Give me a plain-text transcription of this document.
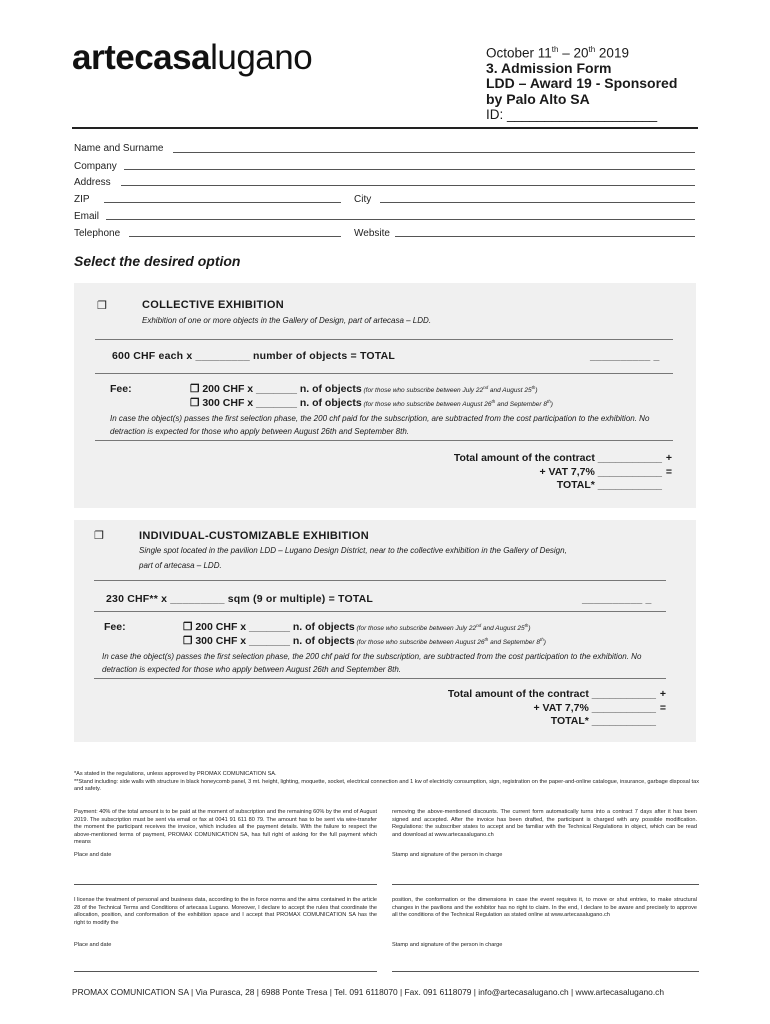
artecasalugano	October 11th – 20th 2019
3. Admission Form
LDD – Award 19 - Sponsored
by Palo Alto SA
ID: ____________________
Name and Surname
Company
Address
ZIP	City
Email
Telephone	Website
Select the desired option
❐	COLLECTIVE EXHIBITION
Exhibition of one or more objects in the Gallery of Design, part of artecasa – LDD.
600 CHF each x _________ number of objects = TOTAL	__________ _
Fee:	❐ 200 CHF x _______ n. of objects (for those who subscribe between July 22nd and August 25th)
❐ 300 CHF x _______ n. of objects (for those who subscribe between August 26th and September 8th)
In case the object(s) passes the first selection phase, the 200 chf paid for the subscription, are subtracted from the cost participation to the exhibition. No detraction is expected for those who apply between August 26th and September 8th.
Total amount of the contract ___________ +
+ VAT 7,7% ___________ =
TOTAL* ___________
❐	INDIVIDUAL-CUSTOMIZABLE EXHIBITION
Single spot located in the pavilion LDD – Lugano Design District, near to the collective exhibition in the Gallery of Design,
part of artecasa – LDD.
230 CHF** x _________ sqm (9 or multiple) = TOTAL	__________ _
Fee:	❐ 200 CHF x _______ n. of objects (for those who subscribe between July 22nd and August 25th)
❐ 300 CHF x _______ n. of objects (for those who subscribe between August 26th and September 8th)
In case the object(s) passes the first selection phase, the 200 chf paid for the subscription, are subtracted from the cost participation to the exhibition. No detraction is expected for those who apply between August 26th and September 8th.
Total amount of the contract ___________ +
+ VAT 7,7% ___________ =
TOTAL* ___________
*As stated in the regulations, unless approved by PROMAX COMUNICATION SA.
**Stand including: side walls with structure in black honeycomb panel, 3 mt. height, lighting, moquette, socket, electrical connection and 1 kw of electricity consumption, sign, registration on the paper-and-online catalogue, insurance, garbage disposal tax and safety.
Payment: 40% of the total amount is to be paid at the moment of subscription and the remaining 60% by the end of August 2019. The subscription must be sent via email or fax at 0041 91 611 80 79. The amount has to be sent via wire-transfer the moment the participant receives the invoice, which includes all the payment details. With the failure to respect the above-mentioned terms of payment, PROMAX COMUNICATION SA, has full right of asking for the full payment which means
removing the above-mentioned discounts. The current form automatically turns into a contract 7 days after it has been signed and accepted. After the invoice has been drafted, the participant is charged with any possible modification. Regulations: the subscriber states to accept and be familiar with the Technical Regulations in object, which can be read and download at www.artecasalugano.ch
Place and date	Stamp and signature of the person in charge
I license the treatment of personal and business data, according to the in force norms and the aims contained in the article 28 of the Technical Terms and Conditions of artecasa Lugano. Moreover, I declare to accept the rules that coordinate the allocation, position, and conformation of the exhibition space and I accept that PROMAX COMUNICATION SA has the right to modify the
position, the conformation or the dimensions in case the event requires it, to move or shut entries, to make structural changes in the pavilions and the exhibitor has no right to claim. In the end, I declare to be aware and precisely to approve all the conditions of the Technical Regulation as stated online at www.artecasalugano.ch
Place and date	Stamp and signature of the person in charge
PROMAX COMUNICATION SA | Via Purasca, 28 | 6988 Ponte Tresa | Tel. 091 6118070 | Fax. 091 6118079 | info@artecasalugano.ch | www.artecasalugano.ch
